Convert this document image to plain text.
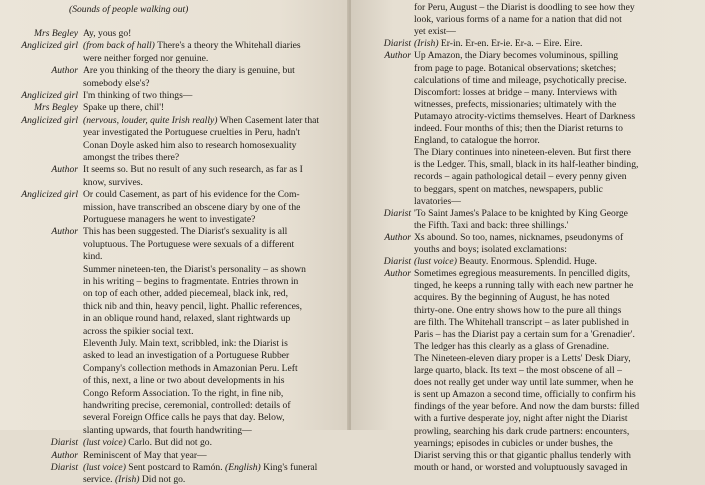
(Sounds of people walking out)
Mrs Begley Ay, yous go!
Anglicized girl (from back of hall) There's a theory the Whitehall diaries
were neither forged nor genuine.
Author Are you thinking of the theory the diary is genuine, but
somebody else's?
Anglicized girl I'm thinking of two things—
Mrs Begley Spake up there, chil'!
Anglicized girl (nervous, louder, quite Irish really) When Casement later that
year investigated the Portuguese cruelties in Peru, hadn't
Conan Doyle asked him also to research homosexuality
amongst the tribes there?
Author It seems so. But no result of any such research, as far as I
know, survives.
Anglicized girl Or could Casement, as part of his evidence for the Com-
mission, have transcribed an obscene diary by one of the
Portuguese managers he went to investigate?
Author This has been suggested. The Diarist's sexuality is all
voluptuous. The Portuguese were sexuals of a different
kind.
Summer nineteen-ten, the Diarist's personality – as shown
in his writing – begins to fragmentate. Entries thrown in
on top of each other, added piecemeal, black ink, red,
thick nib and thin, heavy pencil, light. Phallic references,
in an oblique round hand, relaxed, slant rightwards up
across the spikier social text.
Eleventh July. Main text, scribbled, ink: the Diarist is
asked to lead an investigation of a Portuguese Rubber
Company's collection methods in Amazonian Peru. Left
of this, next, a line or two about developments in his
Congo Reform Association. To the right, in fine nib,
handwriting precise, ceremonial, controlled: details of
several Foreign Office calls he pays that day. Below,
slanting upwards, that fourth handwriting—
Diarist (lust voice) Carlo. But did not go.
Author Reminiscent of May that year—
Diarist (lust voice) Sent postcard to Ramón. (English) King's funeral
service. (Irish) Did not go.
for Peru, August – the Diarist is doodling to see how they
look, various forms of a name for a nation that did not
yet exist—
Diarist (Irish) Er-in. Er-en. Er-ie. Er-a. – Eire. Eire.
Author Up Amazon, the Diary becomes voluminous, spilling
from page to page. Botanical observations; sketches;
calculations of time and mileage, psychotically precise.
Discomfort: losses at bridge – many. Interviews with
witnesses, prefects, missionaries; ultimately with the
Putamayo atrocity-victims themselves. Heart of Darkness
indeed. Four months of this; then the Diarist returns to
England, to catalogue the horror.
The Diary continues into nineteen-eleven. But first there
is the Ledger. This, small, black in its half-leather binding,
records – again pathological detail – every penny given
to beggars, spent on matches, newspapers, public
lavatories—
Diarist 'To Saint James's Palace to be knighted by King George
the Fifth. Taxi and back: three shillings.'
Author Xs abound. So too, names, nicknames, pseudonyms of
youths and boys; isolated exclamations:
Diarist (lust voice) Beauty. Enormous. Splendid. Huge.
Author Sometimes egregious measurements. In pencilled digits,
tinged, he keeps a running tally with each new partner he
acquires. By the beginning of August, he has noted
thirty-one. One entry shows how to the pure all things
are filth. The Whitehall transcript – as later published in
Paris – has the Diarist pay a certain sum for a 'Grenadier'.
The ledger has this clearly as a glass of Grenadine.
The Nineteen-eleven diary proper is a Letts' Desk Diary,
large quarto, black. Its text – the most obscene of all –
does not really get under way until late summer, when he
is sent up Amazon a second time, officially to confirm his
findings of the year before. And now the dam bursts: filled
with a furtive desperate joy, night after night the Diarist
prowling, searching his dark crude partners: encounters,
yearnings; episodes in cubicles or under bushes, the
Diarist serving this or that gigantic phallus tenderly with
mouth or hand, or worsted and voluptuously savaged in
